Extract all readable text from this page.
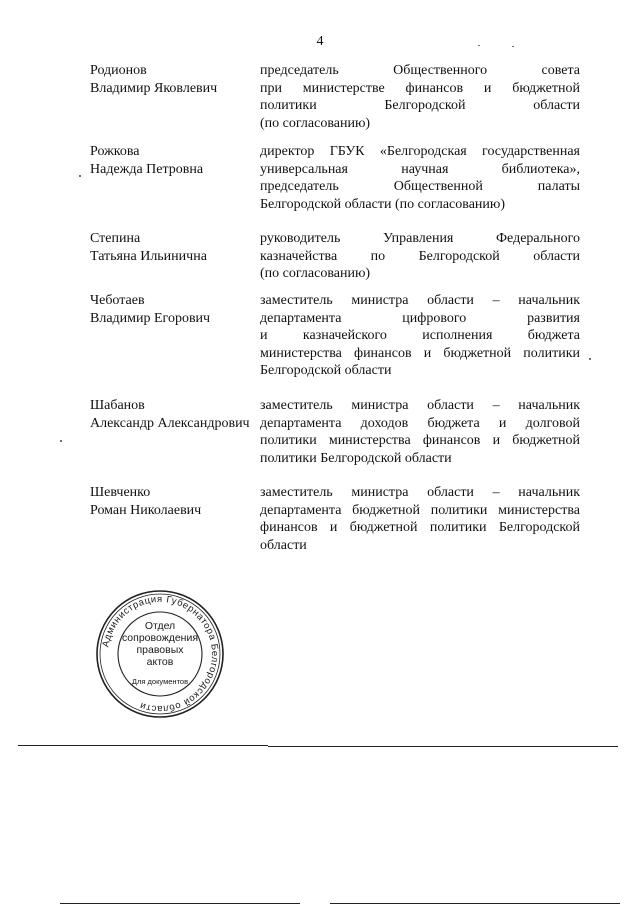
4
Родионов
Владимир Яковлевич
председатель Общественного совета
при министерстве финансов и бюджетной
политики Белгородской области
(по согласованию)
Рожкова
Надежда Петровна
директор ГБУК «Белгородская государственная
универсальная научная библиотека»,
председатель Общественной палаты
Белгородской области (по согласованию)
Степина
Татьяна Ильинична
руководитель Управления Федерального
казначейства по Белгородской области
(по согласованию)
Чеботаев
Владимир Егорович
заместитель министра области – начальник
департамента цифрового развития
и казначейского исполнения бюджета
министерства финансов и бюджетной политики
Белгородской области
Шабанов
Александр Александрович
заместитель министра области – начальник
департамента доходов бюджета и долговой
политики министерства финансов и бюджетной
политики Белгородской области
Шевченко
Роман Николаевич
заместитель министра области – начальник
департамента бюджетной политики министерства
финансов и бюджетной политики Белгородской
области
Администрация Губернатора Белгородской области
Отдел
сопровождения
правовых
актов
Для документов
